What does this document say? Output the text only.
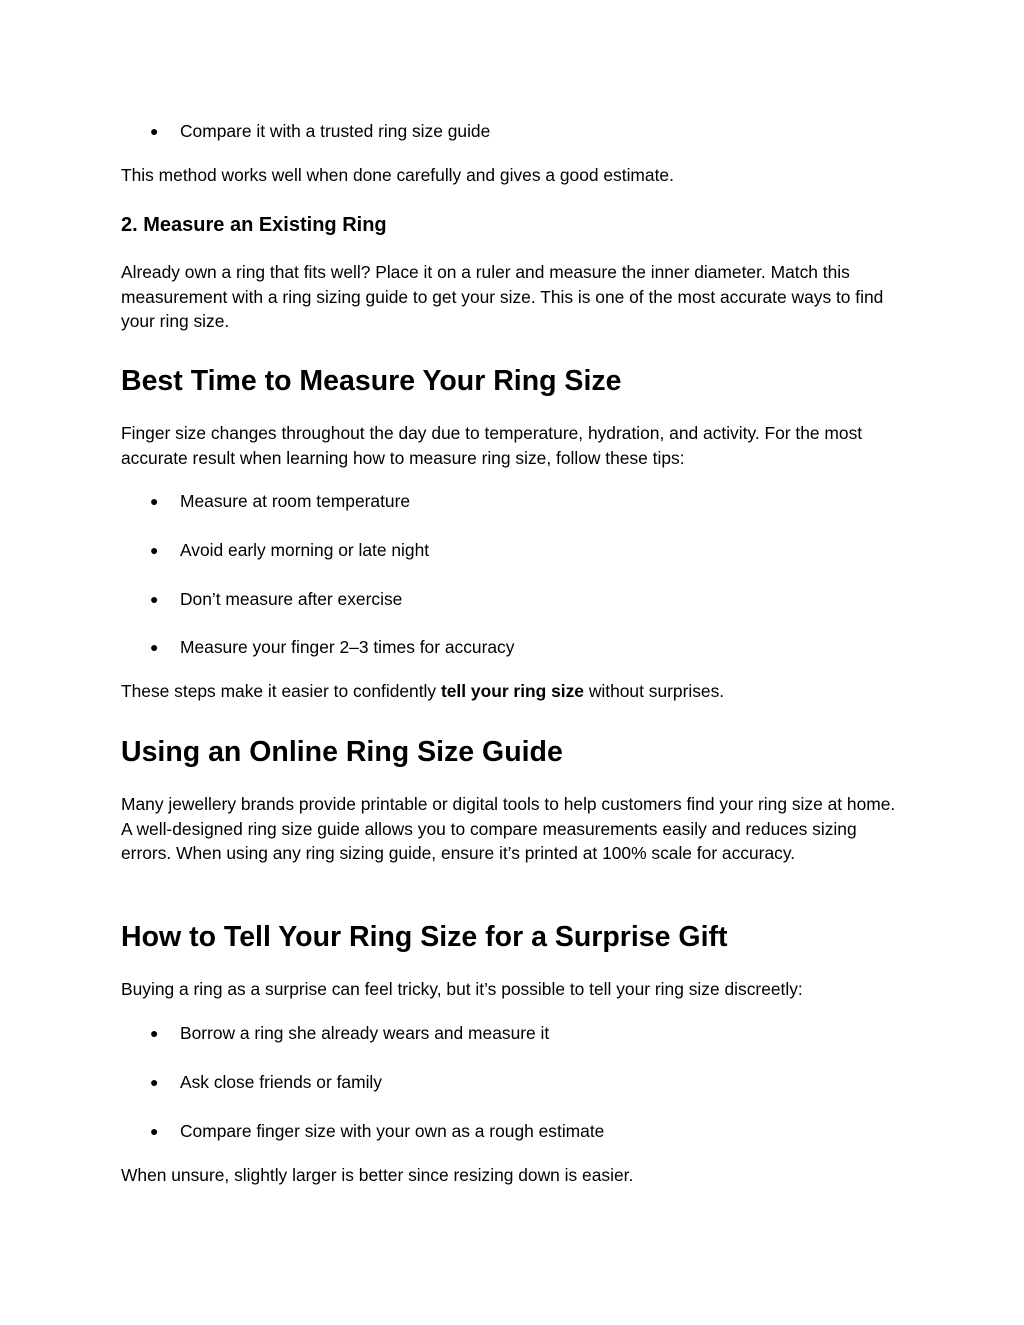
● Compare it with a trusted ring size guide

This method works well when done carefully and gives a good estimate.

2. Measure an Existing Ring

Already own a ring that fits well? Place it on a ruler and measure the inner diameter. Match this measurement with a ring sizing guide to get your size. This is one of the most accurate ways to find your ring size.

Best Time to Measure Your Ring Size

Finger size changes throughout the day due to temperature, hydration, and activity. For the most accurate result when learning how to measure ring size, follow these tips:

● Measure at room temperature
● Avoid early morning or late night
● Don’t measure after exercise
● Measure your finger 2–3 times for accuracy

These steps make it easier to confidently tell your ring size without surprises.

Using an Online Ring Size Guide

Many jewellery brands provide printable or digital tools to help customers find your ring size at home. A well-designed ring size guide allows you to compare measurements easily and reduces sizing errors. When using any ring sizing guide, ensure it’s printed at 100% scale for accuracy.

How to Tell Your Ring Size for a Surprise Gift

Buying a ring as a surprise can feel tricky, but it’s possible to tell your ring size discreetly:

● Borrow a ring she already wears and measure it
● Ask close friends or family
● Compare finger size with your own as a rough estimate

When unsure, slightly larger is better since resizing down is easier.
